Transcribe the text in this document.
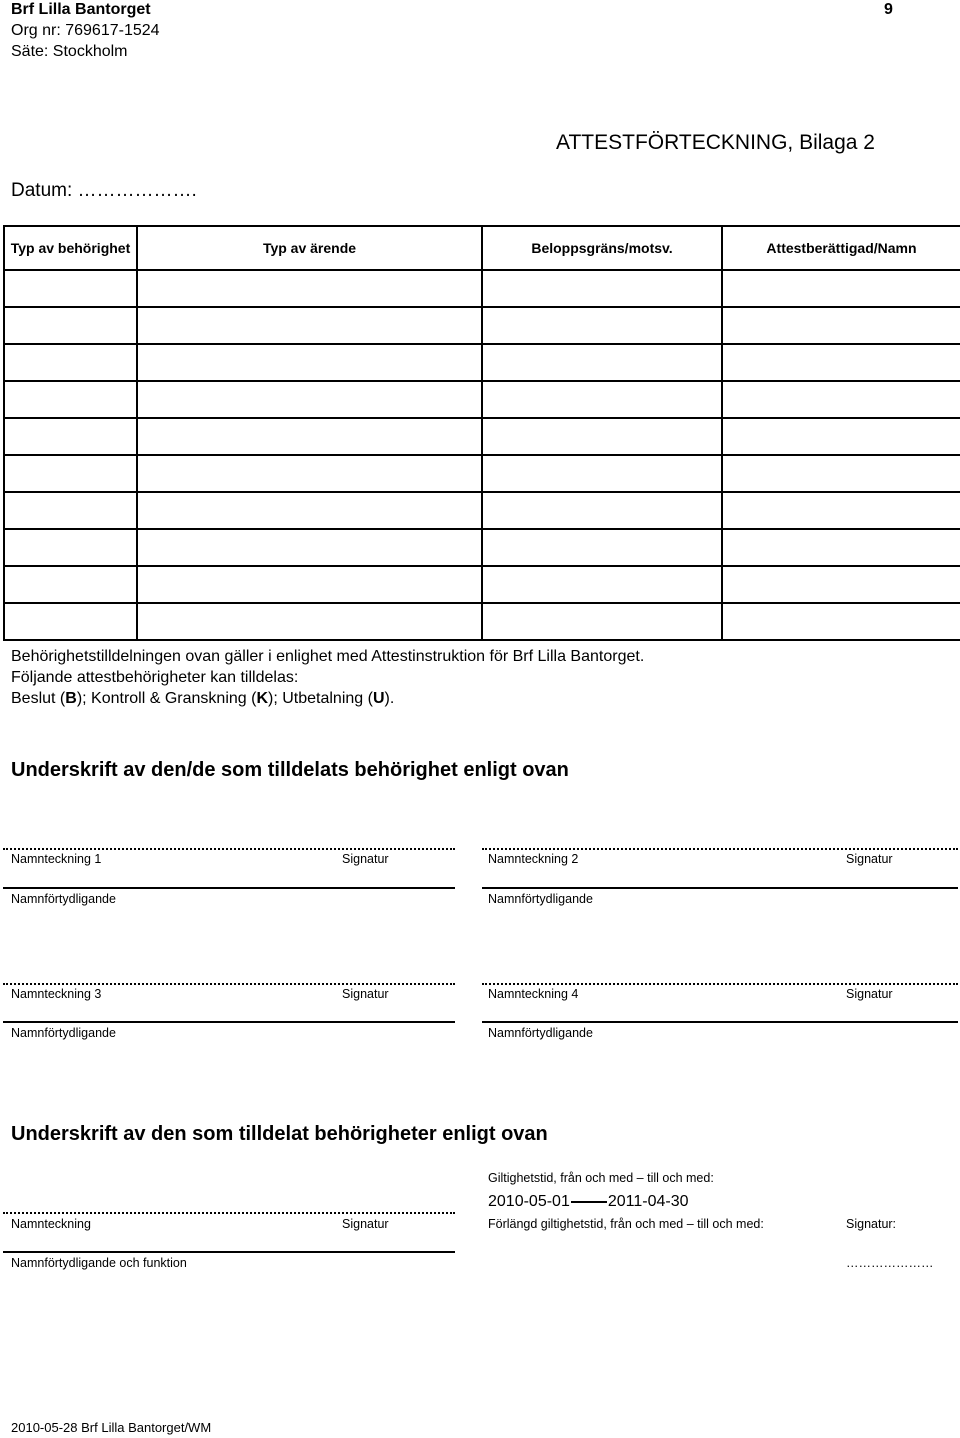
Brf Lilla Bantorget
Org nr: 769617-1524
Säte: Stockholm
9
ATTESTFÖRTECKNING, Bilaga 2
Datum: ……………….
Typ av behörighet	Typ av ärende	Beloppsgräns/motsv.	Attestberättigad/Namn

Behörighetstilldelningen ovan gäller i enlighet med Attestinstruktion för Brf Lilla Bantorget.
Följande attestbehörigheter kan tilldelas:
Beslut (B); Kontroll & Granskning (K); Utbetalning (U).
Underskrift av den/de som tilldelats behörighet enligt ovan
Namnteckning 1	Signatur
Namnförtydligande
Namnteckning 2	Signatur
Namnförtydligande
Namnteckning 3	Signatur
Namnförtydligande
Namnteckning 4	Signatur
Namnförtydligande
Underskrift av den som tilldelat behörigheter enligt ovan
Giltighetstid, från och med – till och med:
2010-05-01 2011-04-30
Namnteckning	Signatur	Förlängd giltighetstid, från och med – till och med:	Signatur:
Namnförtydligande och funktion	…………………
2010-05-28 Brf Lilla Bantorget/WM
